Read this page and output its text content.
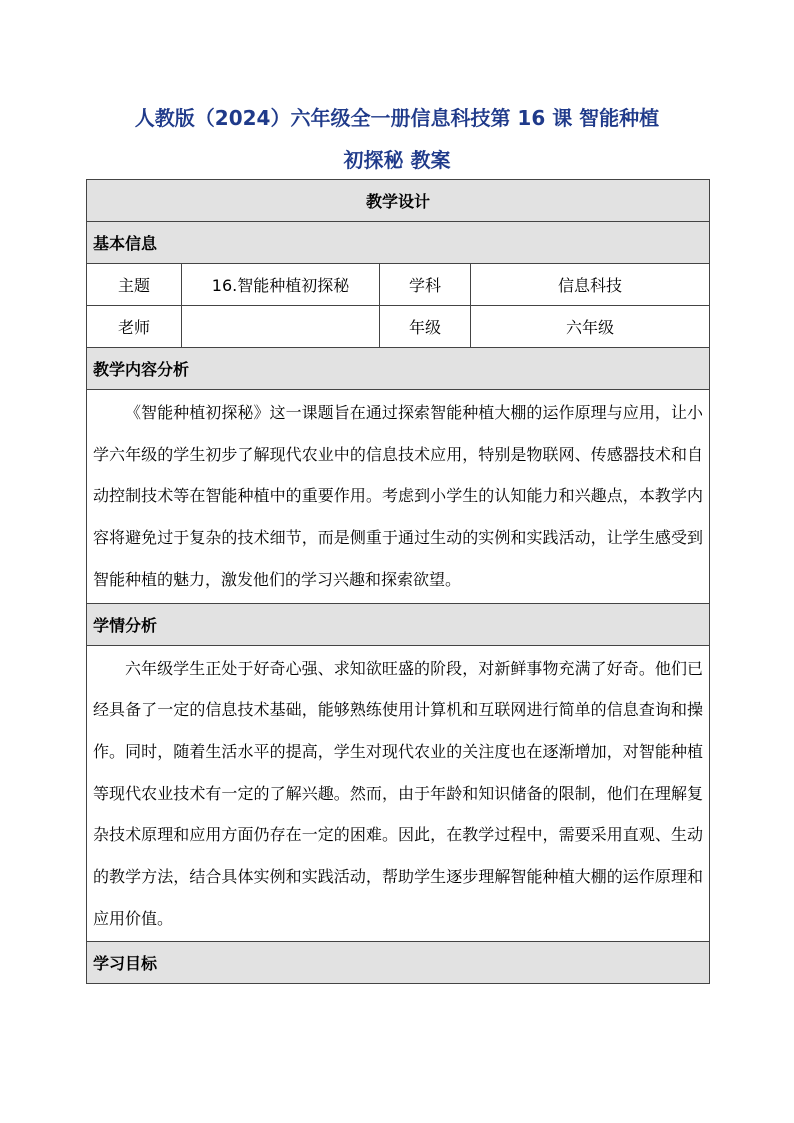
人教版（2024）六年级全一册信息科技第 16 课 智能种植
初探秘 教案
教学设计			
基本信息			
主题	16.智能种植初探秘	学科	信息科技
老师		年级	六年级
教学内容分析			
《智能种植初探秘》这一课题旨在通过探索智能种植大棚的运作原理与应用，让小学六年级的学生初步了解现代农业中的信息技术应用，特别是物联网、传感器技术和自动控制技术等在智能种植中的重要作用。考虑到小学生的认知能力和兴趣点，本教学内容将避免过于复杂的技术细节，而是侧重于通过生动的实例和实践活动，让学生感受到智能种植的魅力，激发他们的学习兴趣和探索欲望。			
学情分析			
六年级学生正处于好奇心强、求知欲旺盛的阶段，对新鲜事物充满了好奇。他们已经具备了一定的信息技术基础，能够熟练使用计算机和互联网进行简单的信息查询和操作。同时，随着生活水平的提高，学生对现代农业的关注度也在逐渐增加，对智能种植等现代农业技术有一定的了解兴趣。然而，由于年龄和知识储备的限制，他们在理解复杂技术原理和应用方面仍存在一定的困难。因此，在教学过程中，需要采用直观、生动的教学方法，结合具体实例和实践活动，帮助学生逐步理解智能种植大棚的运作原理和应用价值。			
学习目标			
